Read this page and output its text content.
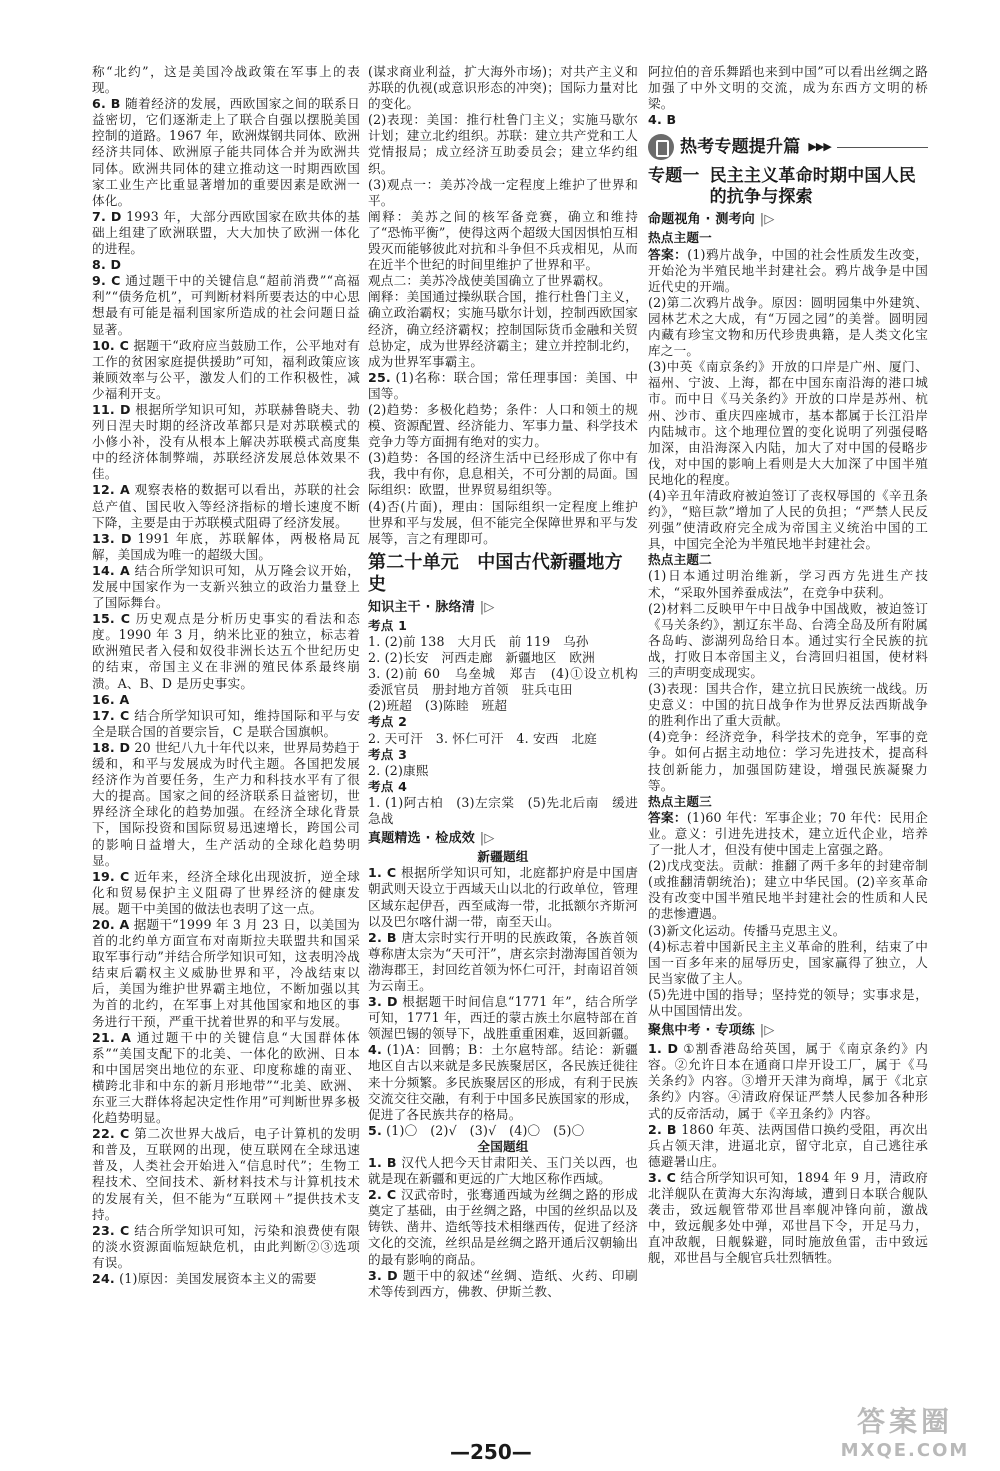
称“北约”，这是美国冷战政策在军事上的表现。

6. B 随着经济的发展，西欧国家之间的联系日益密切，它们逐渐走上了联合自强以摆脱美国控制的道路。1967 年，欧洲煤钢共同体、欧洲经济共同体、欧洲原子能共同体合并为欧洲共同体。欧洲共同体的建立推动这一时期西欧国家工业生产比重显著增加的重要因素是欧洲一体化。

7. D 1993 年，大部分西欧国家在欧共体的基础上组建了欧洲联盟，大大加快了欧洲一体化的进程。

8. D

9. C 通过题干中的关键信息“超前消费”“高福利”“债务危机”，可判断材料所要表达的中心思想最有可能是福利国家所造成的社会问题日益显著。

10. C 据题干“政府应当鼓励工作，公平地对有工作的贫困家庭提供援助”可知，福利政策应该兼顾效率与公平，激发人们的工作积极性，减少福利开支。

11. D 根据所学知识可知，苏联赫鲁晓夫、勃列日涅夫时期的经济改革都只是对苏联模式的小修小补，没有从根本上解决苏联模式高度集中的经济体制弊端，苏联经济发展总体效果不佳。

12. A 观察表格的数据可以看出，苏联的社会总产值、国民收入等经济指标的增长速度不断下降，主要是由于苏联模式阻碍了经济发展。

13. D 1991 年底，苏联解体，两极格局瓦解，美国成为唯一的超级大国。

14. A 结合所学知识可知，从万隆会议开始，发展中国家作为一支新兴独立的政治力量登上了国际舞台。

15. C 历史观点是分析历史事实的看法和态度。1990 年 3 月，纳米比亚的独立，标志着欧洲殖民者入侵和奴役非洲长达五个世纪历史的结束，帝国主义在非洲的殖民体系最终崩溃。A、B、D 是历史事实。

16. A

17. C 结合所学知识可知，维持国际和平与安全是联合国的首要宗旨，C 是联合国旗帜。

18. D 20 世纪八九十年代以来，世界局势趋于缓和，和平与发展成为时代主题。各国把发展经济作为首要任务，生产力和科技水平有了很大的提高。国家之间的经济联系日益密切，世界经济全球化的趋势加强。在经济全球化背景下，国际投资和国际贸易迅速增长，跨国公司的影响日益增大，生产活动的全球化趋势明显。

19. C 近年来，经济全球化出现波折，逆全球化和贸易保护主义阻碍了世界经济的健康发展。题干中美国的做法也表明了这一点。

20. A 据题干“1999 年 3 月 23 日，以美国为首的北约单方面宣布对南斯拉夫联盟共和国采取军事行动”并结合所学知识可知，这表明冷战结束后霸权主义威胁世界和平，冷战结束以后，美国为维护世界霸主地位，不断加强以其为首的北约，在军事上对其他国家和地区的事务进行干预，严重干扰着世界的和平与发展。

21. A 通过题干中的关键信息“大国群体体系”“美国支配下的北美、一体化的欧洲、日本和中国居突出地位的东亚、印度称雄的南亚、横跨北非和中东的新月形地带”“北美、欧洲、东亚三大群体将起决定性作用”可判断世界多极化趋势明显。

22. C 第二次世界大战后，电子计算机的发明和普及，互联网的出现，使互联网在全球迅速普及，人类社会开始进入“信息时代”；生物工程技术、空间技术、新材料技术与计算机技术的发展有关，但不能为“互联网＋”提供技术支持。

23. C 结合所学知识可知，污染和浪费使有限的淡水资源面临短缺危机，由此判断②③选项有误。

24. (1)原因：美国发展资本主义的需要

(谋求商业利益，扩大海外市场)；对共产主义和苏联的仇视(或意识形态的冲突)；国际力量对比的变化。

(2)表现：美国：推行杜鲁门主义；实施马歇尔计划；建立北约组织。苏联：建立共产党和工人党情报局；成立经济互助委员会；建立华约组织。

(3)观点一：美苏冷战一定程度上维护了世界和平。

阐释：美苏之间的核军备竞赛，确立和维持了“恐怖平衡”，使得这两个超级大国因惧怕互相毁灭而能够彼此对抗和斗争但不兵戎相见，从而在近半个世纪的时间里维护了世界和平。

观点二：美苏冷战使美国确立了世界霸权。

阐释：美国通过操纵联合国，推行杜鲁门主义，确立政治霸权；实施马歇尔计划，控制西欧国家经济，确立经济霸权；控制国际货币金融和关贸总协定，成为世界经济霸主；建立并控制北约，成为世界军事霸主。

25. (1)名称：联合国；常任理事国：美国、中国等。

(2)趋势：多极化趋势；条件：人口和领土的规模、资源配置、经济能力、军事力量、科学技术竞争力等方面拥有绝对的实力。

(3)趋势：各国的经济生活中已经形成了你中有我，我中有你，息息相关，不可分割的局面。国际组织：欧盟，世界贸易组织等。

(4)否(片面)，理由：国际组织一定程度上维护世界和平与发展，但不能完全保障世界和平与发展等，言之有理即可。

第二十单元　中国古代新疆地方史
知识主干 · 脉络清 |▷
考点 1

1. (2)前 138　大月氏　前 119　乌孙

2. (2)长安　河西走廊　新疆地区　欧洲

3. (2)前 60　乌垒城　郑吉　(4)①设立机构　委派官员　册封地方首领　驻兵屯田

(2)班超　(3)陈睦　班超

考点 2

2. 天可汗　3. 怀仁可汗　4. 安西　北庭

考点 3

2. (2)康熙

考点 4

1. (1)阿古柏　(3)左宗棠　(5)先北后南　缓进急战

真题精选 · 检成效 |▷
新疆题组

1. C 根据所学知识可知，北庭都护府是中国唐朝武则天设立于西域天山以北的行政单位，管理区域东起伊吾，西至咸海一带，北抵额尔齐斯河以及巴尔喀什湖一带，南至天山。

2. B 唐太宗时实行开明的民族政策，各族首领尊称唐太宗为“天可汗”，唐玄宗封渤海国首领为渤海郡王，封回纥首领为怀仁可汗，封南诏首领为云南王。

3. D 根据题干时间信息“1771 年”，结合所学可知，1771 年，西迁的蒙古族土尔扈特部在首领渥巴锡的领导下，战胜重重困难，返回新疆。

4. (1)A：回鹘；B：土尔扈特部。结论：新疆地区自古以来就是多民族聚居区，各民族迁徙往来十分频繁。多民族聚居区的形成，有利于民族交流交往交融，有利于中国多民族国家的形成，促进了各民族共存的格局。

5. (1)〇　(2)√　(3)√　(4)〇　(5)〇

全国题组

1. B 汉代人把今天甘肃阳关、玉门关以西，也就是现在新疆和更远的广大地区称作西域。

2. C 汉武帝时，张骞通西域为丝绸之路的形成奠定了基础，由于丝绸之路，中国的丝织品以及铸铁、凿井、造纸等技术相继西传，促进了经济文化的交流，丝织品是丝绸之路开通后汉朝输出的最有影响的商品。

3. D 题干中的叙述“丝绸、造纸、火药、印刷术等传到西方，佛教、伊斯兰教、

阿拉伯的音乐舞蹈也来到中国”可以看出丝绸之路加强了中外文明的交流，成为东西方文明的桥梁。

4. B

热考专题提升篇 ▶▶▶
专题一 民主主义革命时期中国人民的抗争与探索
命题视角 · 测考向 |▷
热点主题一

答案：(1)鸦片战争，中国的社会性质发生改变，开始沦为半殖民地半封建社会。鸦片战争是中国近代史的开端。

(2)第二次鸦片战争。原因：圆明园集中外建筑、园林艺术之大成，有“万园之园”的美誉。圆明园内藏有珍宝文物和历代珍贵典籍，是人类文化宝库之一。

(3)中英《南京条约》开放的口岸是广州、厦门、福州、宁波、上海，都在中国东南沿海的港口城市。而中日《马关条约》开放的口岸是苏州、杭州、沙市、重庆四座城市，基本都属于长江沿岸内陆城市。这个地理位置的变化说明了列强侵略加深，由沿海深入内陆，加大了对中国的侵略步伐，对中国的影响上看则是大大加深了中国半殖民地化的程度。

(4)辛丑年清政府被迫签订了丧权辱国的《辛丑条约》，“赔巨款”增加了人民的负担；“严禁人民反列强”使清政府完全成为帝国主义统治中国的工具，中国完全沦为半殖民地半封建社会。

热点主题二

(1)日本通过明治维新，学习西方先进生产技术，“采取外国养蚕成法”，在竞争中获利。

(2)材料二反映甲午中日战争中国战败，被迫签订《马关条约》，割辽东半岛、台湾全岛及所有附属各岛屿、澎湖列岛给日本。通过实行全民族的抗战，打败日本帝国主义，台湾回归祖国，使材料三的声明变成现实。

(3)表现：国共合作，建立抗日民族统一战线。历史意义：中国的抗日战争作为世界反法西斯战争的胜利作出了重大贡献。

(4)竞争：经济竞争，科学技术的竞争，军事的竞争。如何占据主动地位：学习先进技术，提高科技创新能力，加强国防建设，增强民族凝聚力等。

热点主题三

答案：(1)60 年代：军事企业；70 年代：民用企业。意义：引进先进技术，建立近代企业，培养了一批人才，但没有使中国走上富强之路。

(2)戊戌变法。贡献：推翻了两千多年的封建帝制(或推翻清朝统治)；建立中华民国。(2)辛亥革命没有改变中国半殖民地半封建社会的性质和人民的悲惨遭遇。

(3)新文化运动。传播马克思主义。

(4)标志着中国新民主主义革命的胜利，结束了中国一百多年来的屈辱历史，国家赢得了独立，人民当家做了主人。

(5)先进中国的指导；坚持党的领导；实事求是，从中国国情出发。

聚焦中考 · 专项练 |▷

1. D ①割香港岛给英国，属于《南京条约》内容。②允许日本在通商口岸开设工厂，属于《马关条约》内容。③增开天津为商埠，属于《北京条约》内容。④清政府保证严禁人民参加各种形式的反帝活动，属于《辛丑条约》内容。

2. B 1860 年英、法两国借口换约受阻，再次出兵占领天津，进逼北京，留守北京，自己逃往承德避暑山庄。

3. C 结合所学知识可知，1894 年 9 月，清政府北洋舰队在黄海大东沟海域，遭到日本联合舰队袭击，致远舰管带邓世昌率舰冲锋向前，激战中，致远舰多处中弹，邓世昌下令，开足马力，直冲敌舰，日舰躲避，同时施放鱼雷，击中致远舰，邓世昌与全舰官兵壮烈牺牲。

—250—
答案圈
MXQE.COM
